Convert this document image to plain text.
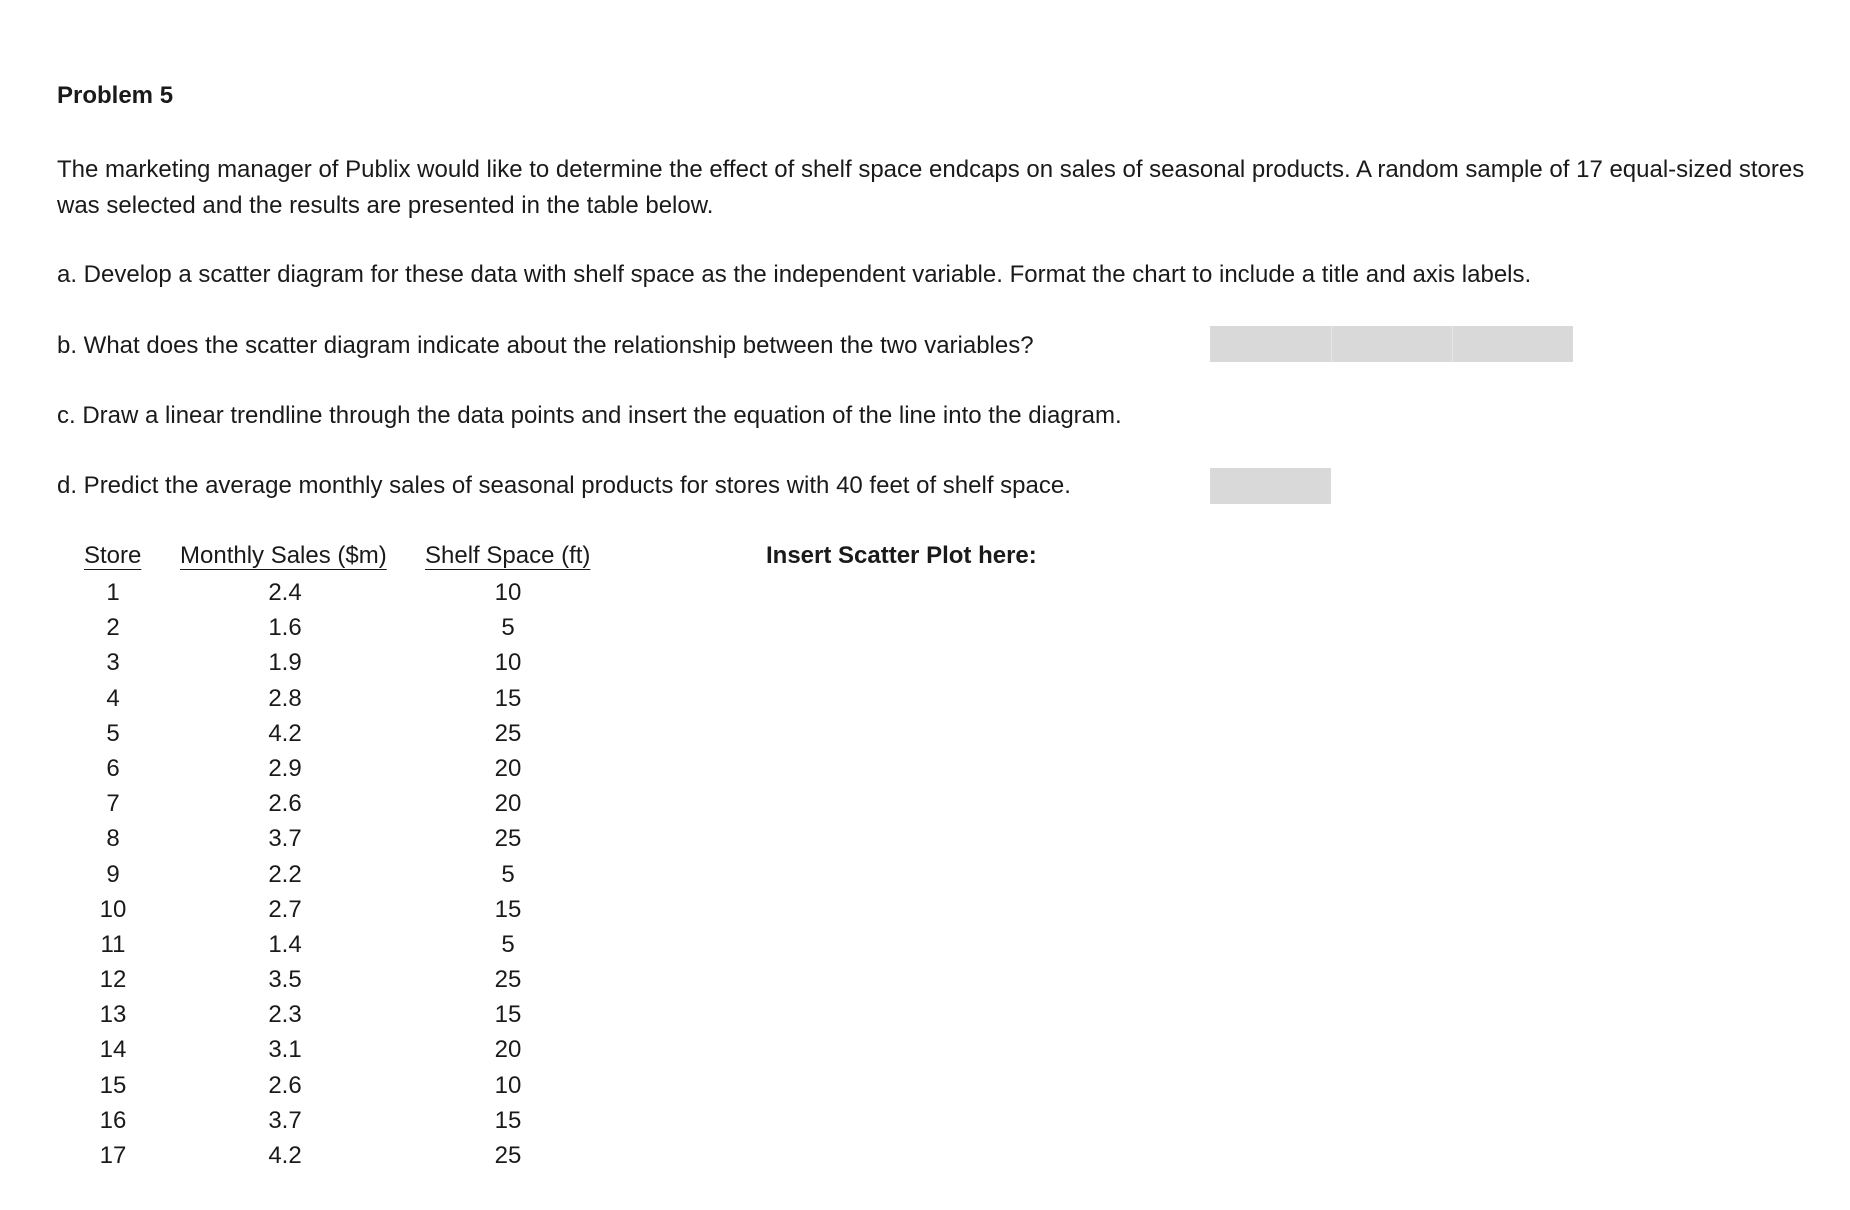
Problem 5
The marketing manager of Publix would like to determine the effect of shelf space endcaps on sales of seasonal products. A random sample of 17 equal-sized stores was selected and the results are presented in the table below.
a. Develop a scatter diagram for these data with shelf space as the independent variable. Format the chart to include a title and axis labels.
b. What does the scatter diagram indicate about the relationship between the two variables?
c. Draw a linear trendline through the data points and insert the equation of the line into the diagram.
d. Predict the average monthly sales of seasonal products for stores with 40 feet of shelf space.
Store Monthly Sales ($m) Shelf Space (ft)	Insert Scatter Plot here:
1
2
3
4
5
6
7
8
9
10
11
12
13
14
15
16
17
2.4
1.6
1.9
2.8
4.2
2.9
2.6
3.7
2.2
2.7
1.4
3.5
2.3
3.1
2.6
3.7
4.2
10
5
10
15
25
20
20
25
5
15
5
25
15
20
10
15
25
